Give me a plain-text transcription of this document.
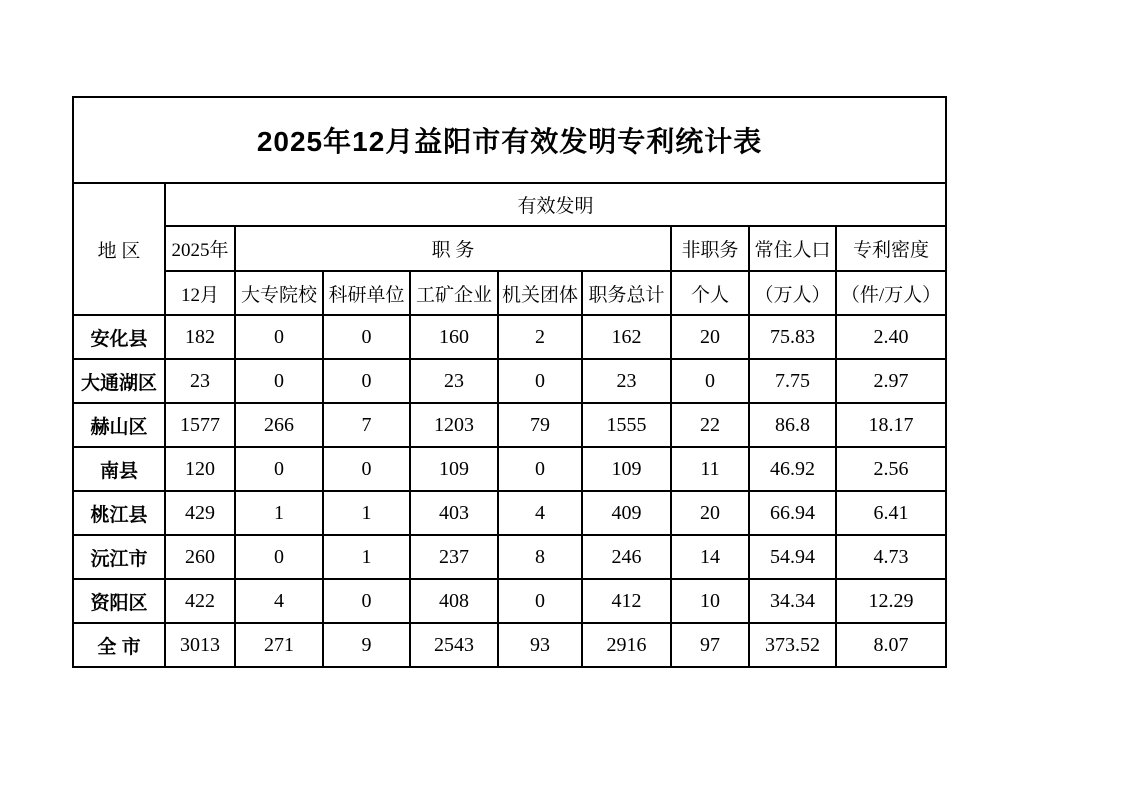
2025年12月益阳市有效发明专利统计表									
地 区	有效发明								
	2025年	职 务					非职务	常住人口	专利密度
	12月	大专院校	科研单位	工矿企业	机关团体	职务总计	个人	（万人）	（件/万人）
安化县	182	0	0	160	2	162	20	75.83	2.40
大通湖区	23	0	0	23	0	23	0	7.75	2.97
赫山区	1577	266	7	1203	79	1555	22	86.8	18.17
南县	120	0	0	109	0	109	11	46.92	2.56
桃江县	429	1	1	403	4	409	20	66.94	6.41
沅江市	260	0	1	237	8	246	14	54.94	4.73
资阳区	422	4	0	408	0	412	10	34.34	12.29
全 市	3013	271	9	2543	93	2916	97	373.52	8.07
